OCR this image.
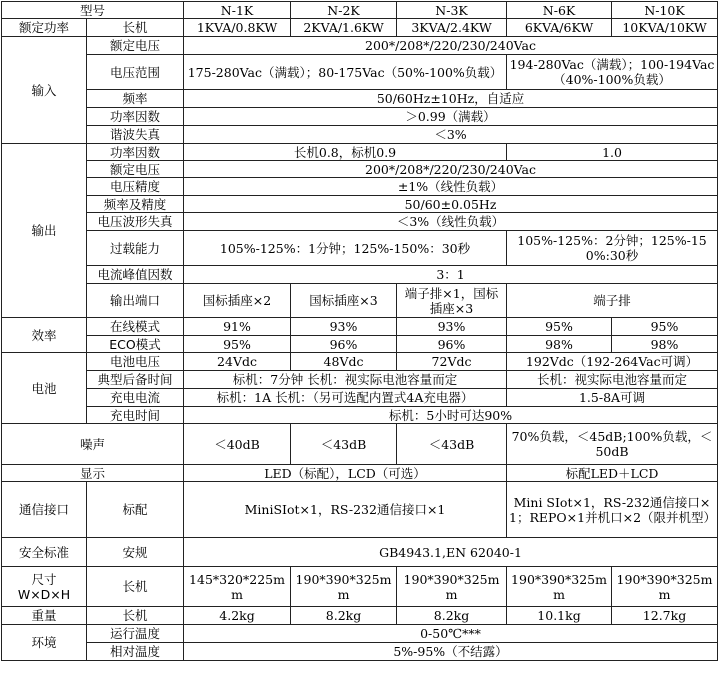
型号		N-1K	N-2K	N-3K	N-6K	N-10K
额定功率	长机	1KVA/0.8KW	2KVA/1.6KW	3KVA/2.4KW	6KVA/6KW	10KVA/10KW
输入	额定电压	200*/208*/220/230/240Vac				
	电压范围	175-280Vac（满载）；80-175Vac（50%-100%负载）			194-280Vac（满载）；100-194Vac（40%-100%负载）	
	频率	50/60Hz±10Hz，自适应				
	功率因数	＞0.99（满载）				
	谐波失真	＜3%				
输出	功率因数	长机0.8，标机0.9			1.0	
	额定电压	200*/208*/220/230/240Vac				
	电压精度	±1%（线性负载）				
	频率及精度	50/60±0.05Hz				
	电压波形失真	＜3%（线性负载）				
	过载能力	105%-125%：1分钟；125%-150%：30秒			105%-125%：2分钟；125%-150%:30秒	
	电流峰值因数	3：1				
	输出端口	国标插座×2	国标插座×3	端子排×1，国标插座×3	端子排	
效率	在线模式	91%	93%	93%	95%	95%
	ECO模式	95%	96%	96%	98%	98%
电池	电池电压	24Vdc	48Vdc	72Vdc	192Vdc（192-264Vac可调）	
	典型后备时间	标机：7分钟 长机：视实际电池容量而定			长机：视实际电池容量而定	
	充电电流	标机：1A 长机：（另可选配内置式4A充电器）			1.5-8A可调	
	充电时间	标机：5小时可达90%				
噪声		＜40dB	＜43dB	＜43dB	70%负载，＜45dB;100%负载，＜50dB	
显示		LED（标配），LCD（可选）			标配LED＋LCD	
通信接口	标配	MiniSIot×1，RS-232通信接口×1			Mini SIot×1，RS-232通信接口×1；REPO×1并机口×2（限并机型）	
安全标准	安规	GB4943.1,EN 62040-1				
尺寸
W×D×H	长机	145*320*225mm	190*390*325mm	190*390*325mm	190*390*325mm	190*390*325mm
重量	长机	4.2kg	8.2kg	8.2kg	10.1kg	12.7kg
环境	运行温度	0-50℃***				
	相对温度	5%-95%（不结露）				
